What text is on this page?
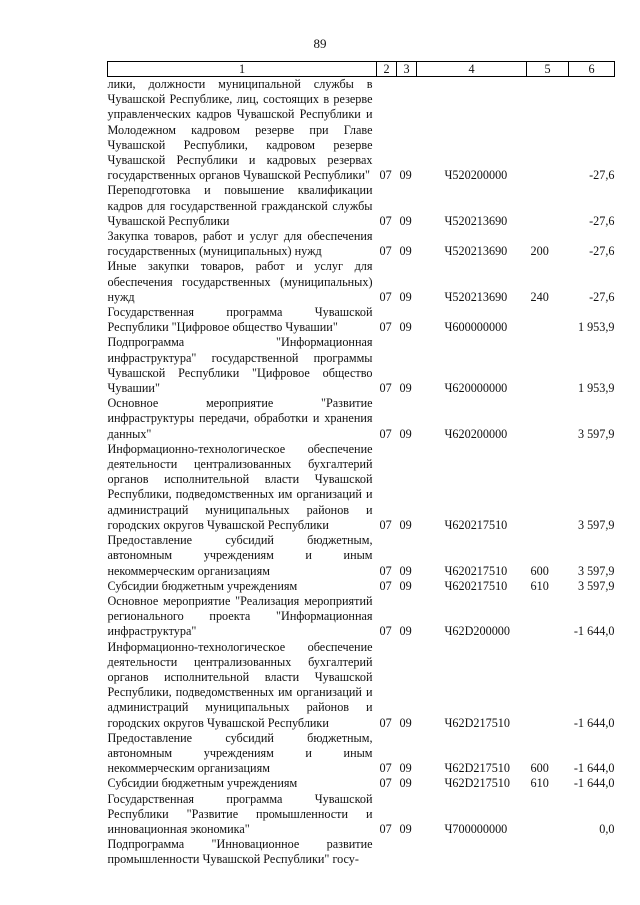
89
1	2	3	4	5	6
лики, должности муниципальной службы в Чувашской Республике, лиц, состоящих в резерве управленческих кадров Чувашской Республики и Молодежном кадровом резерве при Главе Чувашской Республики, кадровом резерве Чувашской Республики и кадровых резервах государственных органов Чувашской Республики"	07	09	Ч520200000		-27,6
Переподготовка и повышение квалификации кадров для государственной гражданской службы Чувашской Республики	07	09	Ч520213690		-27,6
Закупка товаров, работ и услуг для обеспечения государственных (муниципальных) нужд	07	09	Ч520213690	200	-27,6
Иные закупки товаров, работ и услуг для обеспечения государственных (муниципальных) нужд	07	09	Ч520213690	240	-27,6
Государственная программа Чувашской Республики "Цифровое общество Чувашии"	07	09	Ч600000000		1 953,9
Подпрограмма "Информационная инфраструктура" государственной программы Чувашской Республики "Цифровое общество Чувашии"	07	09	Ч620000000		1 953,9
Основное мероприятие "Развитие инфраструктуры передачи, обработки и хранения данных"	07	09	Ч620200000		3 597,9
Информационно-технологическое обеспечение деятельности централизованных бухгалтерий органов исполнительной власти Чувашской Республики, подведомственных им организаций и администраций муниципальных районов и городских округов Чувашской Республики	07	09	Ч620217510		3 597,9
Предоставление субсидий бюджетным, автономным учреждениям и иным некоммерческим организациям	07	09	Ч620217510	600	3 597,9
Субсидии бюджетным учреждениям	07	09	Ч620217510	610	3 597,9
Основное мероприятие "Реализация мероприятий регионального проекта "Информационная инфраструктура"	07	09	Ч62D200000		-1 644,0
Информационно-технологическое обеспечение деятельности централизованных бухгалтерий органов исполнительной власти Чувашской Республики, подведомственных им организаций и администраций муниципальных районов и городских округов Чувашской Республики	07	09	Ч62D217510		-1 644,0
Предоставление субсидий бюджетным, автономным учреждениям и иным некоммерческим организациям	07	09	Ч62D217510	600	-1 644,0
Субсидии бюджетным учреждениям	07	09	Ч62D217510	610	-1 644,0
Государственная программа Чувашской Республики "Развитие промышленности и инновационная экономика"	07	09	Ч700000000		0,0
Подпрограмма "Инновационное развитие промышленности Чувашской Республики" госу-					
